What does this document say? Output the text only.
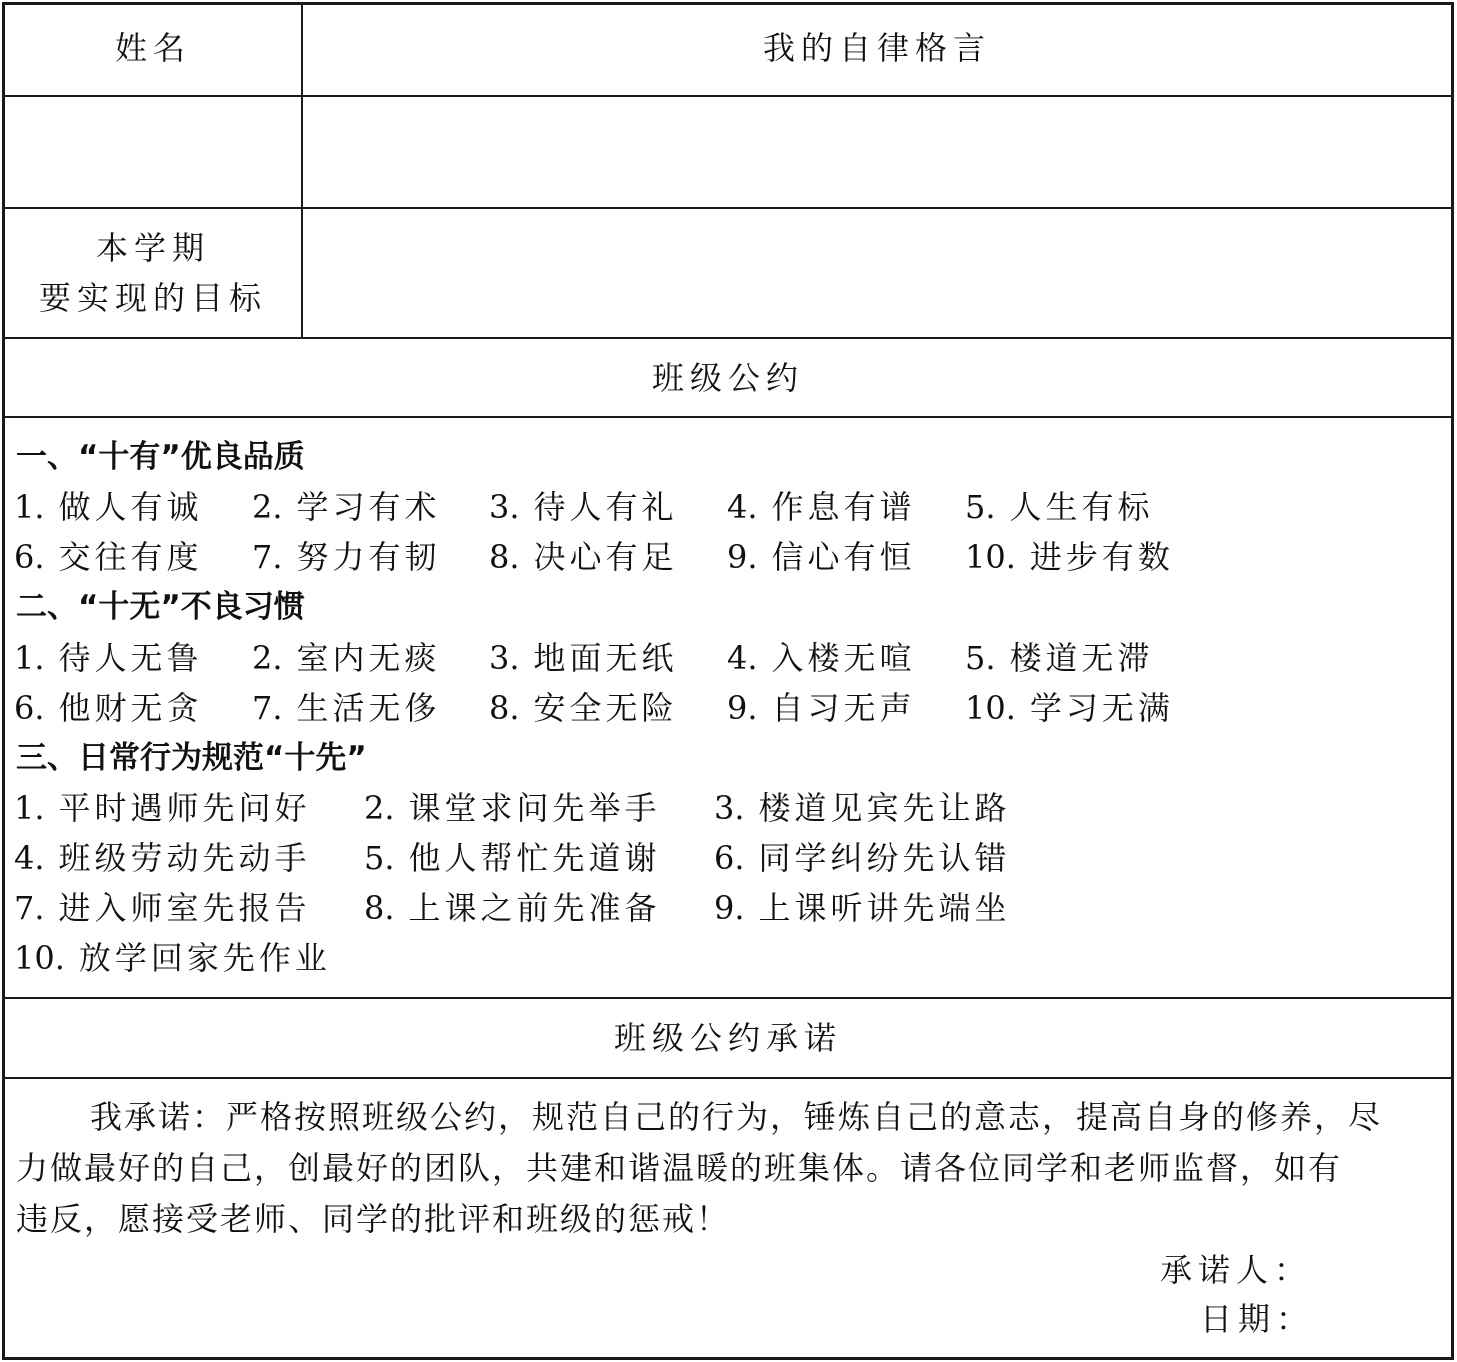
姓名	我的自律格言
本学期
要实现的目标
班级公约
一、“十有”优良品质
1. 做人有诚 2. 学习有术 3. 待人有礼 4. 作息有谱 5. 人生有标
6. 交往有度 7. 努力有韧 8. 决心有足 9. 信心有恒 10. 进步有数
二、“十无”不良习惯
1. 待人无鲁 2. 室内无痰 3. 地面无纸 4. 入楼无喧 5. 楼道无滞
6. 他财无贪 7. 生活无侈 8. 安全无险 9. 自习无声 10. 学习无满
三、日常行为规范“十先”
1. 平时遇师先问好 2. 课堂求问先举手 3. 楼道见宾先让路
4. 班级劳动先动手 5. 他人帮忙先道谢 6. 同学纠纷先认错
7. 进入师室先报告 8. 上课之前先准备 9. 上课听讲先端坐
10. 放学回家先作业
班级公约承诺
我承诺：严格按照班级公约，规范自己的行为，锤炼自己的意志，提高自身的修养，尽
力做最好的自己，创最好的团队，共建和谐温暖的班集体。请各位同学和老师监督，如有
违反，愿接受老师、同学的批评和班级的惩戒！
承诺人：
日期：
